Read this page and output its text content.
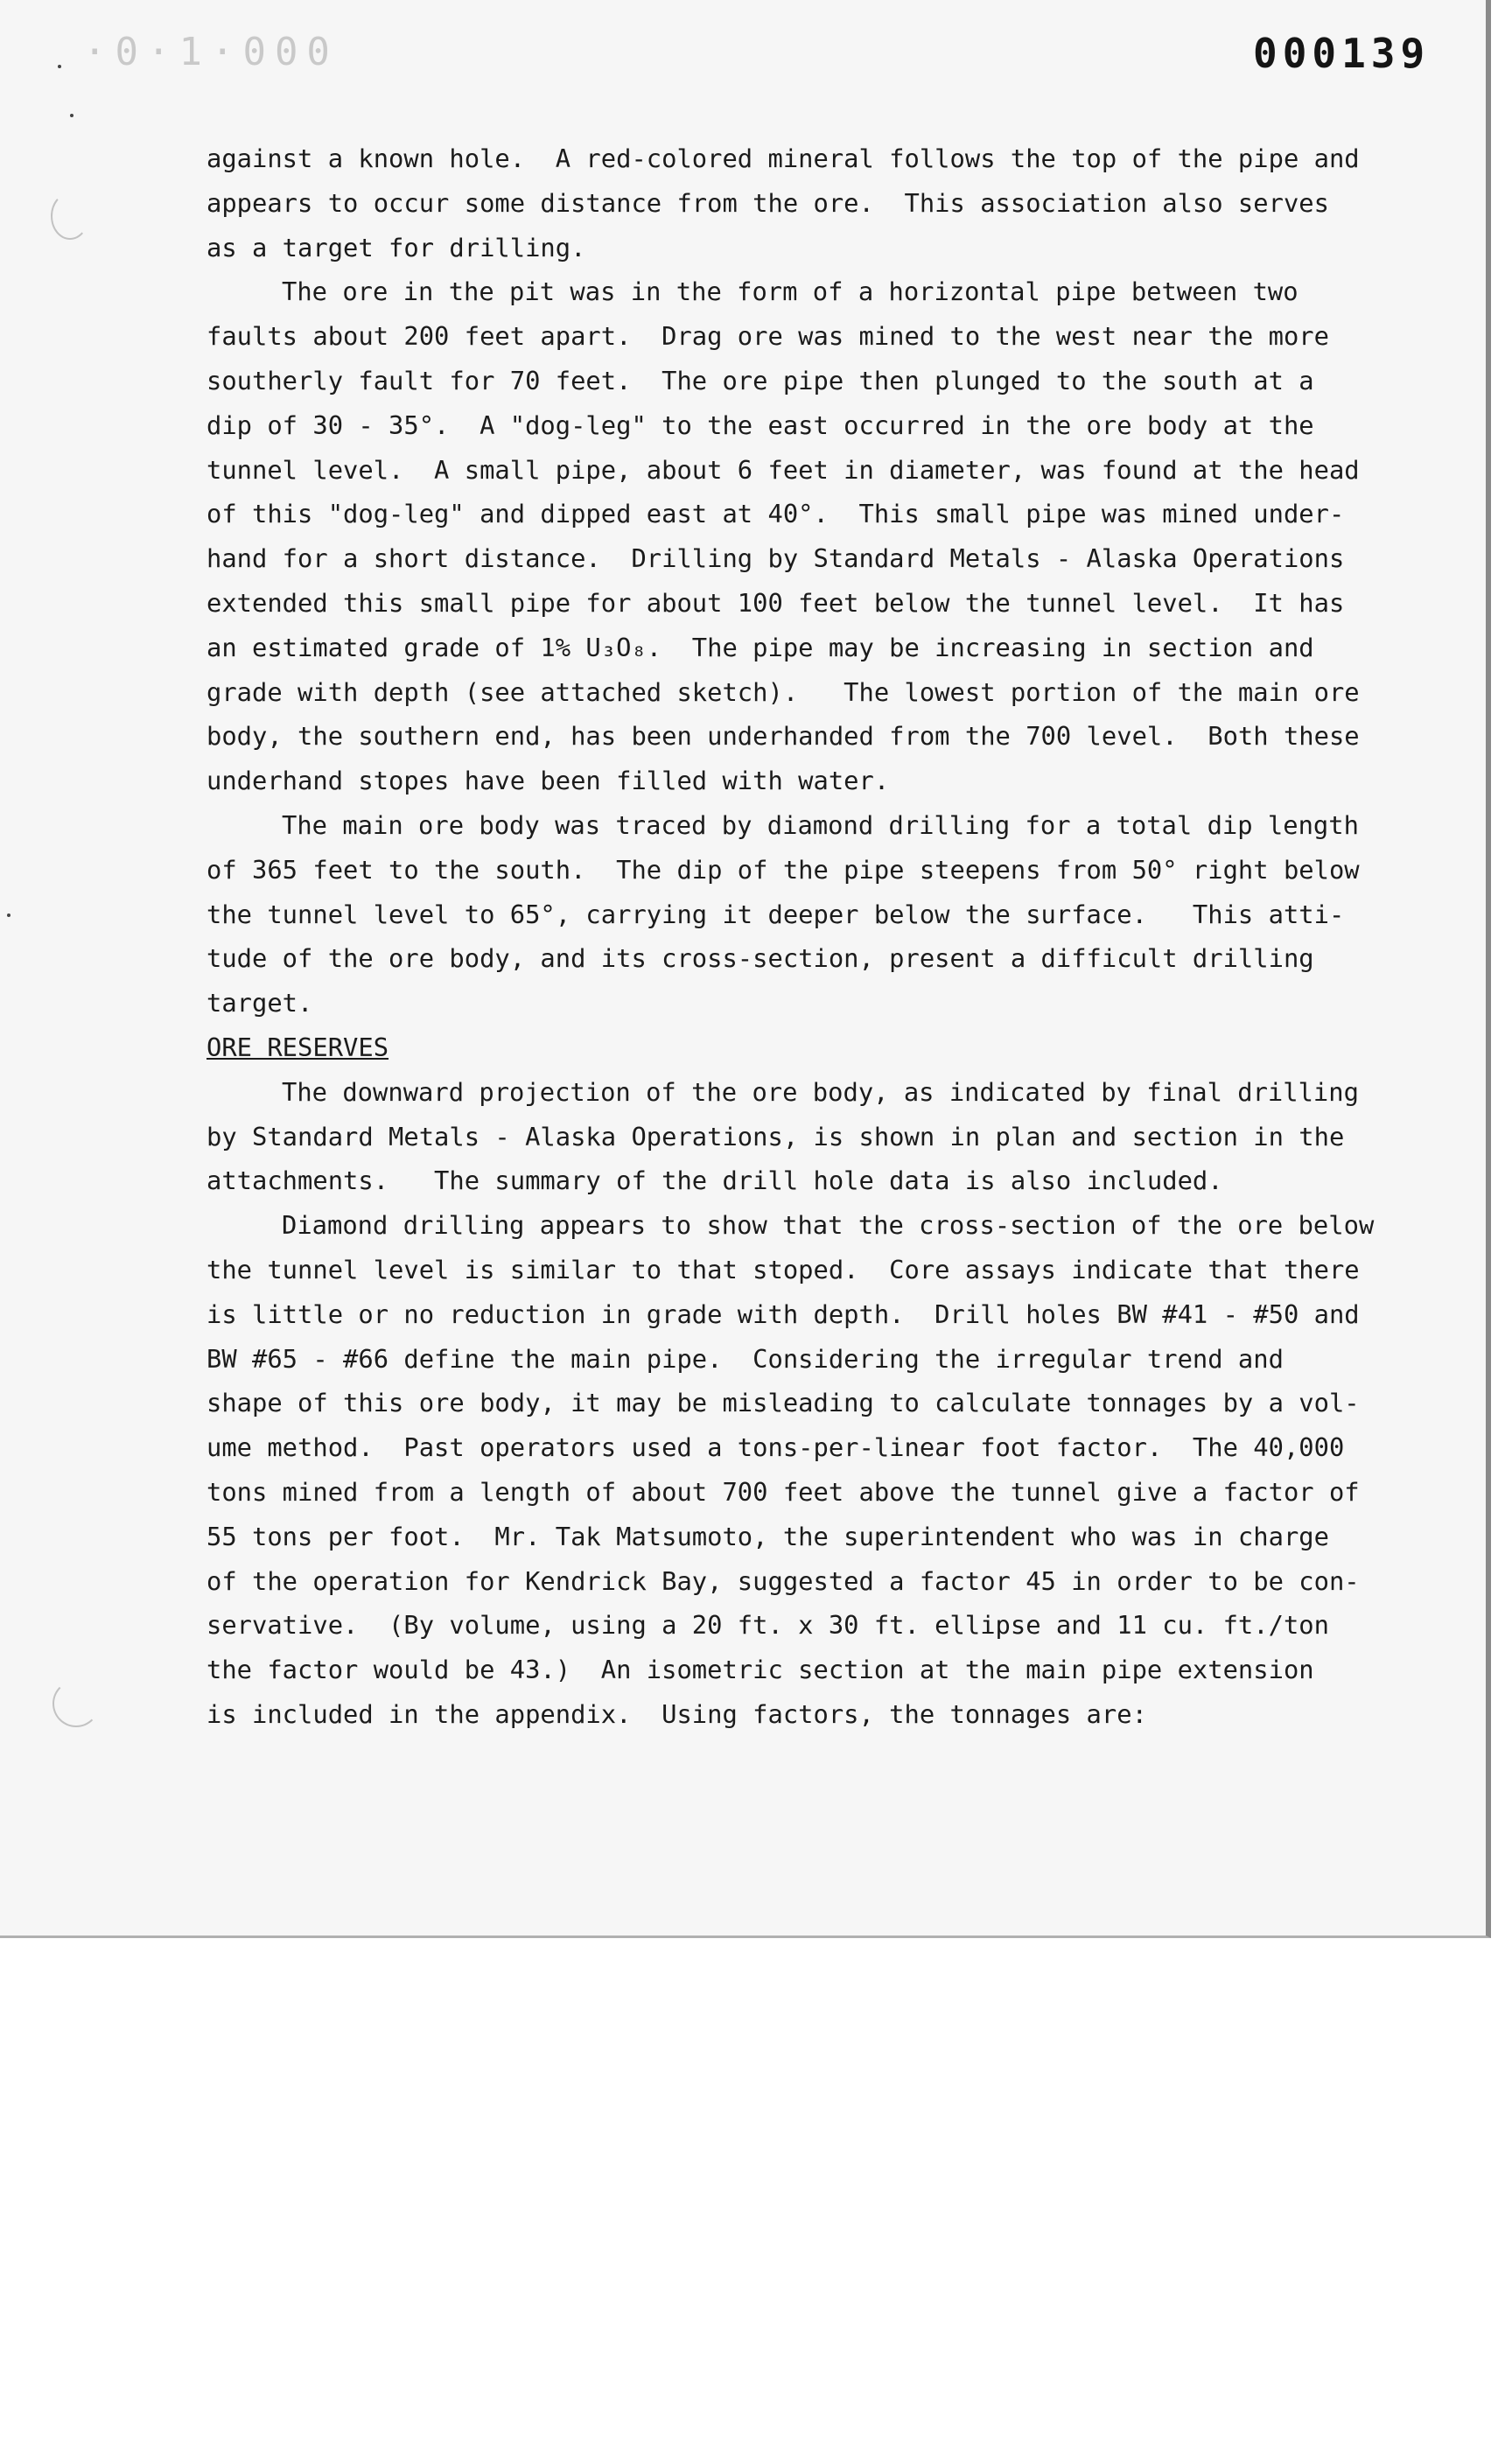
·0·1·000	000139
against a known hole.  A red-colored mineral follows the top of the pipe and
appears to occur some distance from the ore.  This association also serves
as a target for drilling.
The ore in the pit was in the form of a horizontal pipe between two
faults about 200 feet apart.  Drag ore was mined to the west near the more
southerly fault for 70 feet.  The ore pipe then plunged to the south at a
dip of 30 - 35°.  A "dog-leg" to the east occurred in the ore body at the
tunnel level.  A small pipe, about 6 feet in diameter, was found at the head
of this "dog-leg" and dipped east at 40°.  This small pipe was mined under-
hand for a short distance.  Drilling by Standard Metals - Alaska Operations
extended this small pipe for about 100 feet below the tunnel level.  It has
an estimated grade of 1% U₃O₈.  The pipe may be increasing in section and
grade with depth (see attached sketch).   The lowest portion of the main ore
body, the southern end, has been underhanded from the 700 level.  Both these
underhand stopes have been filled with water.
The main ore body was traced by diamond drilling for a total dip length
of 365 feet to the south.  The dip of the pipe steepens from 50° right below
the tunnel level to 65°, carrying it deeper below the surface.   This atti-
tude of the ore body, and its cross-section, present a difficult drilling
target.
ORE RESERVES
The downward projection of the ore body, as indicated by final drilling
by Standard Metals - Alaska Operations, is shown in plan and section in the
attachments.   The summary of the drill hole data is also included.
Diamond drilling appears to show that the cross-section of the ore below
the tunnel level is similar to that stoped.  Core assays indicate that there
is little or no reduction in grade with depth.  Drill holes BW #41 - #50 and
BW #65 - #66 define the main pipe.  Considering the irregular trend and
shape of this ore body, it may be misleading to calculate tonnages by a vol-
ume method.  Past operators used a tons-per-linear foot factor.  The 40,000
tons mined from a length of about 700 feet above the tunnel give a factor of
55 tons per foot.  Mr. Tak Matsumoto, the superintendent who was in charge
of the operation for Kendrick Bay, suggested a factor 45 in order to be con-
servative.  (By volume, using a 20 ft. x 30 ft. ellipse and 11 cu. ft./ton
the factor would be 43.)  An isometric section at the main pipe extension
is included in the appendix.  Using factors, the tonnages are:
